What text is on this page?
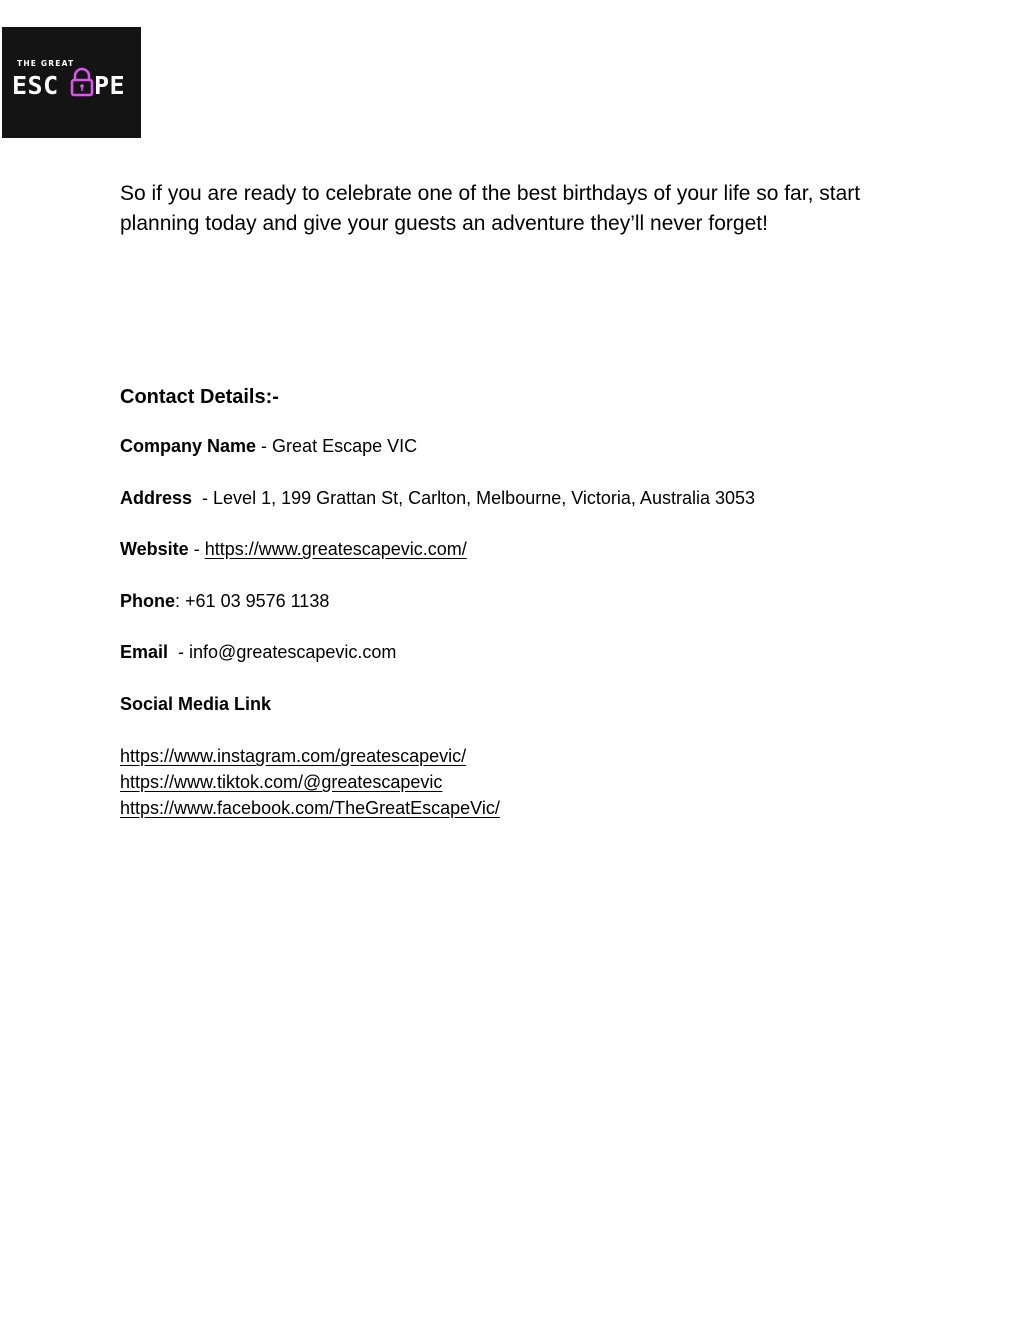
THE GREAT
ESC PE

So if you are ready to celebrate one of the best birthdays of your life so far, start planning today and give your guests an adventure they’ll never forget!

Contact Details:-
Company Name - Great Escape VIC
Address  - Level 1, 199 Grattan St, Carlton, Melbourne, Victoria, Australia 3053
Website - https://www.greatescapevic.com/
Phone: +61 03 9576 1138
Email  - info@greatescapevic.com
Social Media Link
https://www.instagram.com/greatescapevic/
https://www.tiktok.com/@greatescapevic
https://www.facebook.com/TheGreatEscapeVic/
